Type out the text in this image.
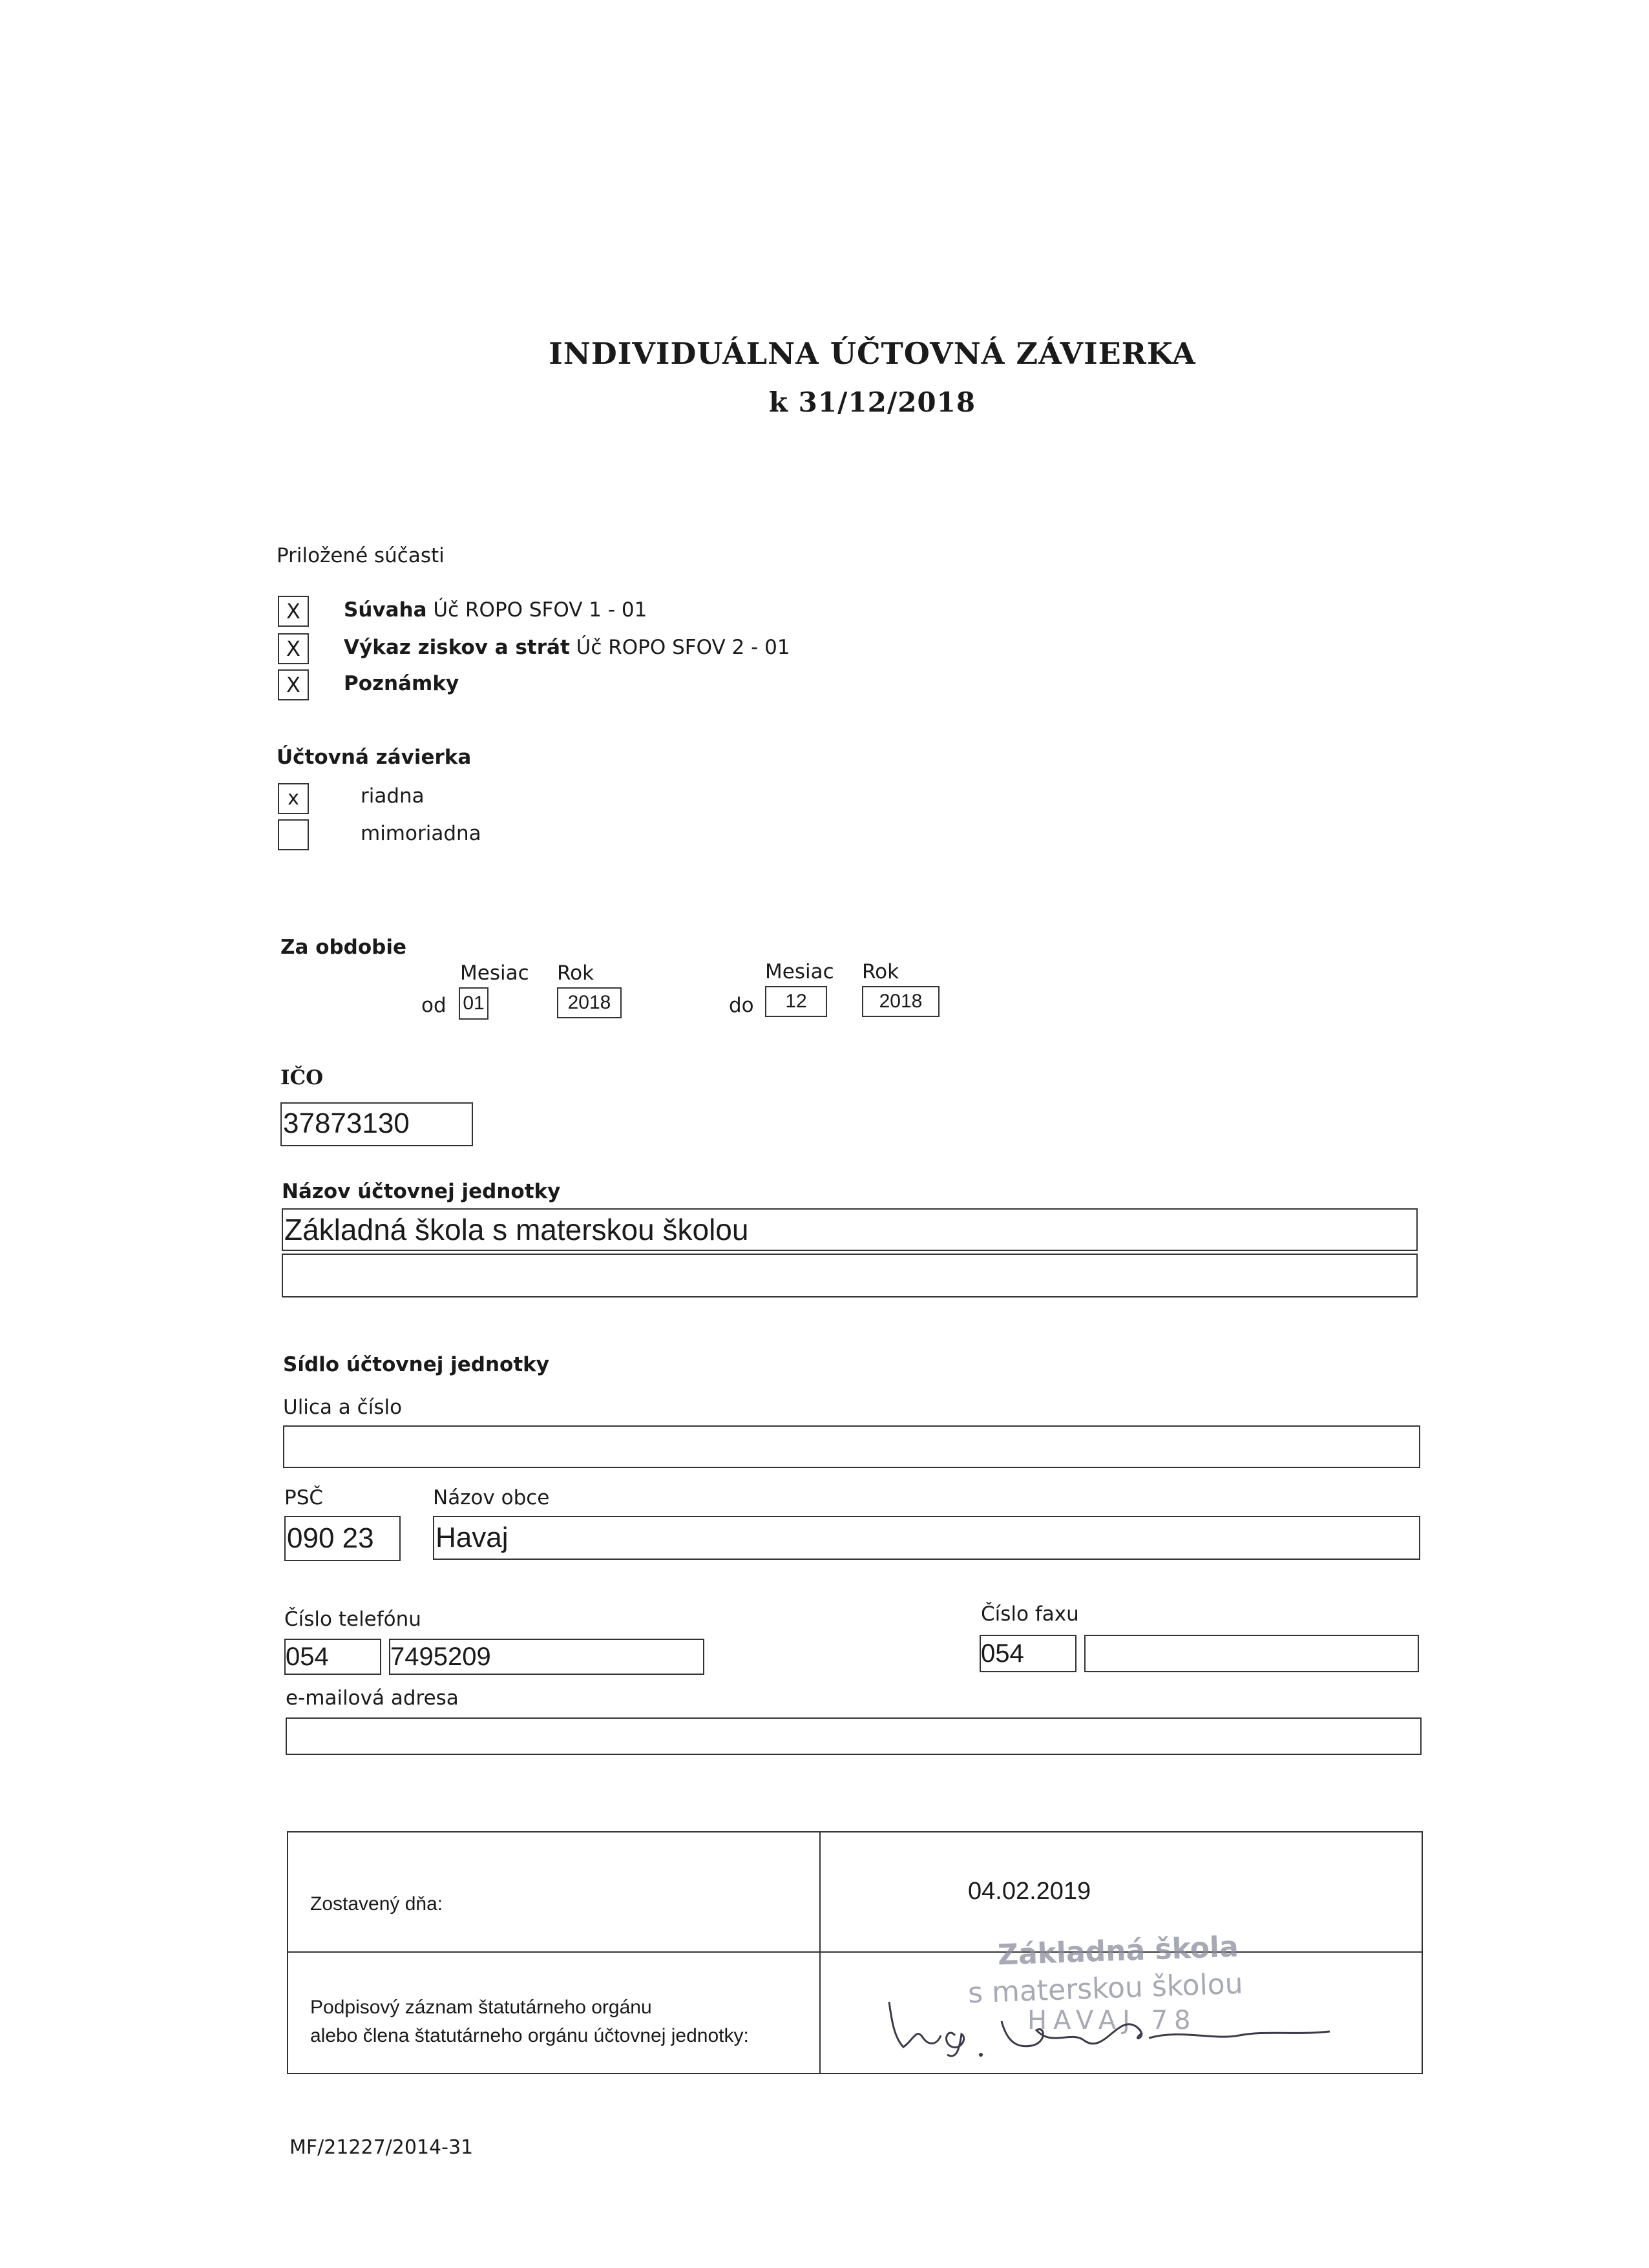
INDIVIDUÁLNA ÚČTOVNÁ ZÁVIERKA
k 31/12/2018
Priložené súčasti
X	Súvaha Úč ROPO SFOV 1 - 01
X	Výkaz ziskov a strát Úč ROPO SFOV 2 - 01
X	Poznámky
Účtovná závierka
x	riadna
mimoriadna
Za obdobie
Mesiac Rok	Mesiac Rok
od 01	2018	do	12	2018
IČO
37873130
Názov účtovnej jednotky
Základná škola s materskou školou
Sídlo účtovnej jednotky
Ulica a číslo
PSČ	Názov obce
090 23	Havaj
Číslo telefónu	Číslo faxu
054	7495209	054
e-mailová adresa
Zostavený dňa:	04.02.2019
Podpisový záznam štatutárneho orgánu
alebo člena štatutárneho orgánu účtovnej jednotky:
Základná škola
s materskou školou
HAVAJ 78
MF/21227/2014-31
